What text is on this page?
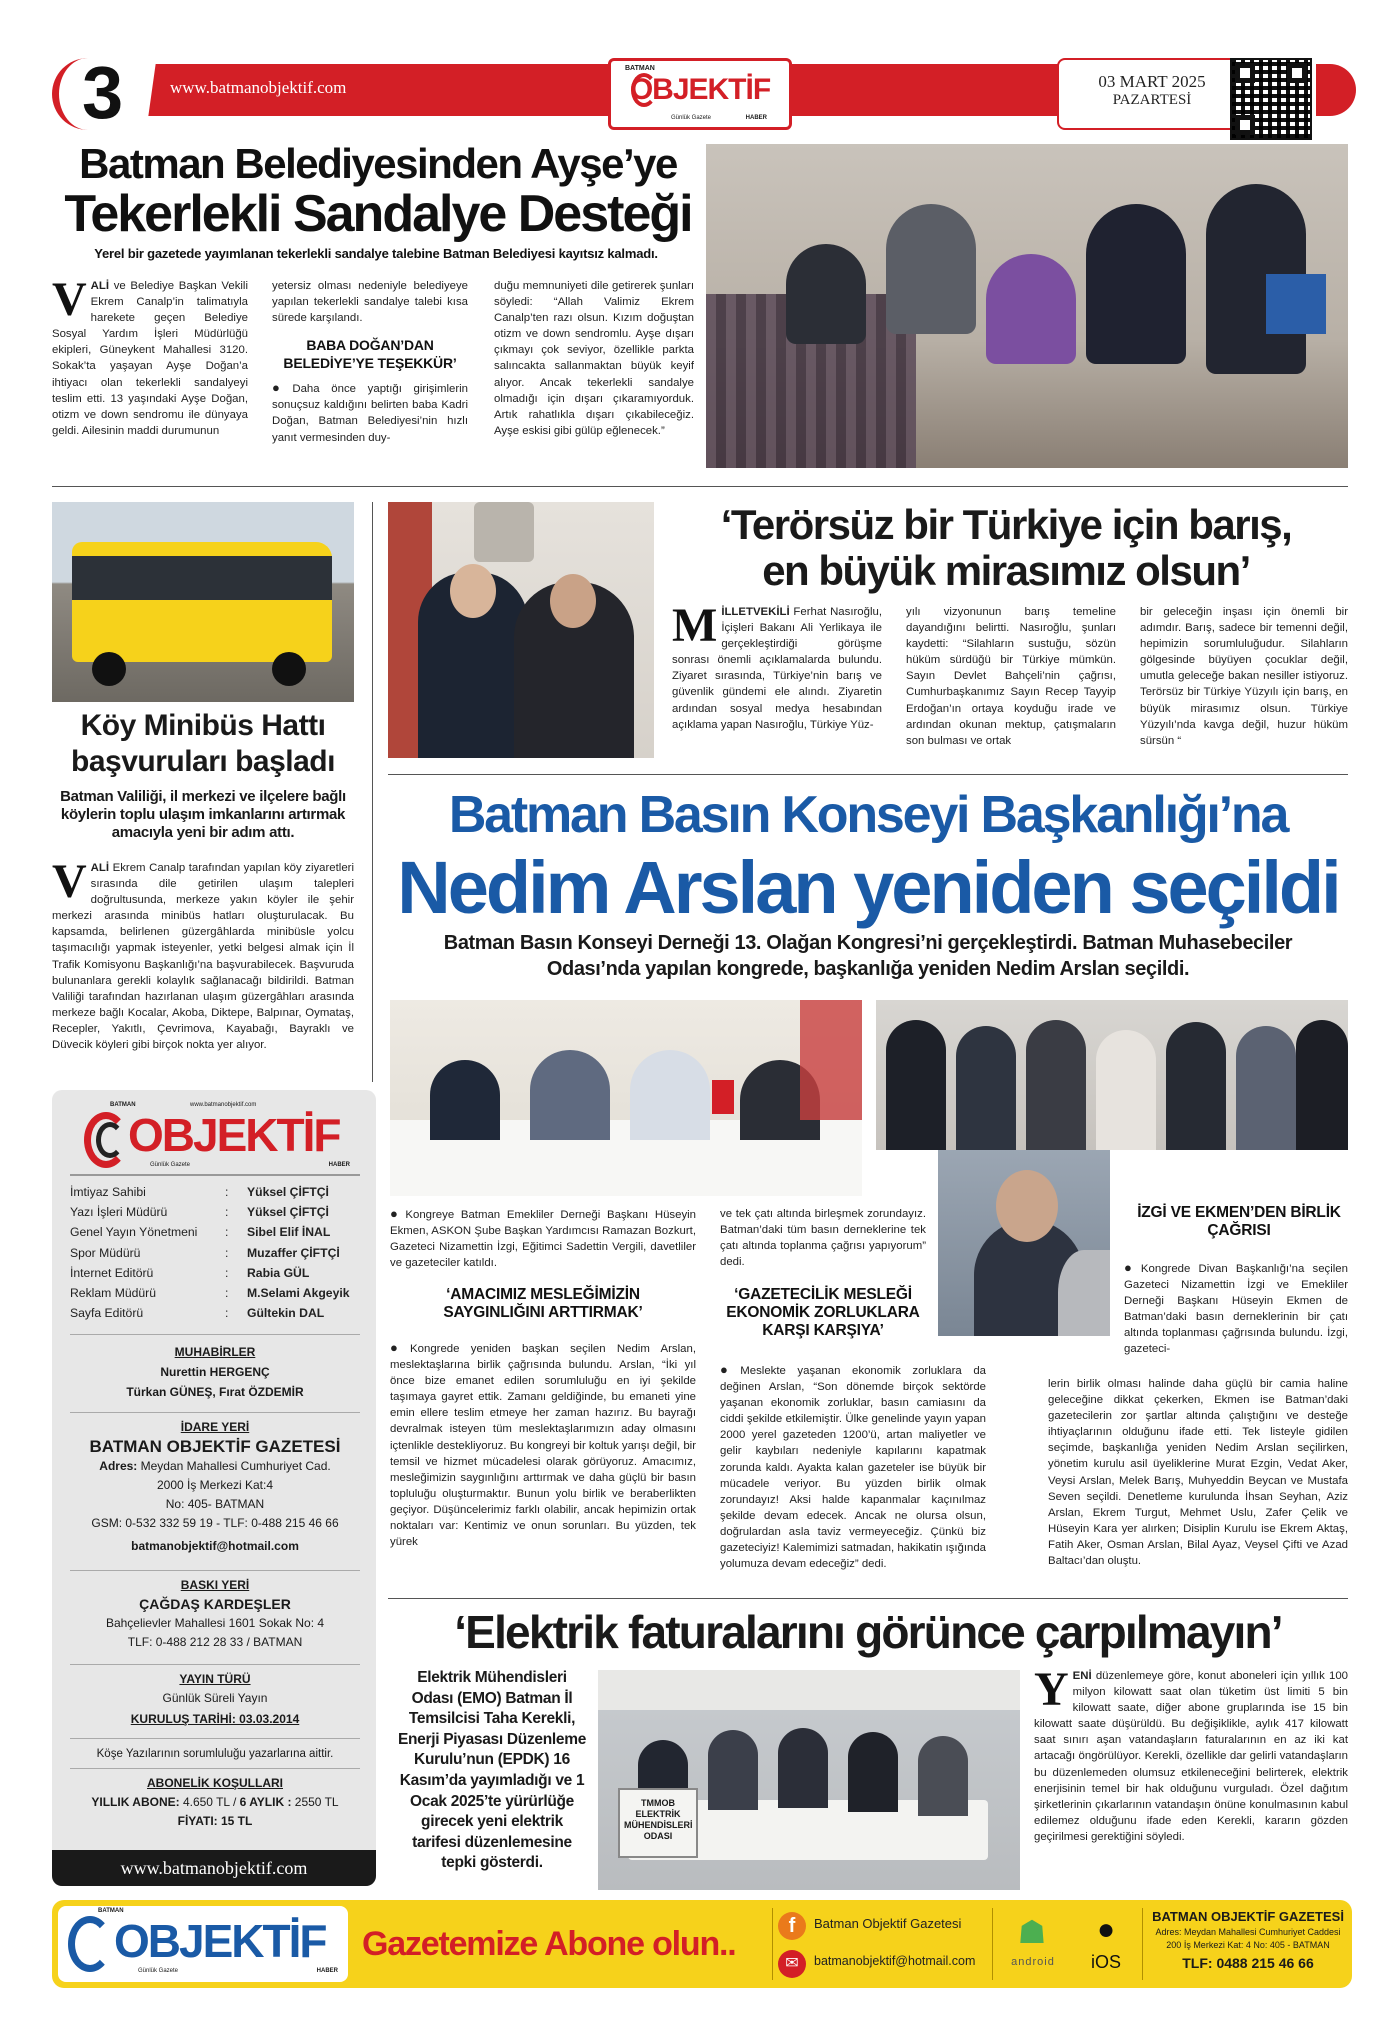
3	www.batmanobjektif.com
BATMAN
OBJEKTİF
Günlük Gazete	HABER
03 MART 2025
PAZARTESİ
Batman Belediyesinden Ayşe’ye
Tekerlekli Sandalye Desteği
Yerel bir gazetede yayımlanan tekerlekli sandalye talebine Batman Belediyesi kayıtsız kalmadı.
VALİ ve Belediye Başkan Vekili Ekrem Canalp’in talimatıyla harekete geçen Belediye Sosyal Yardım İşleri Müdürlüğü ekipleri, Güneykent Mahallesi 3120. Sokak’ta yaşayan Ayşe Doğan’a ihtiyacı olan tekerlekli sandalyeyi teslim etti. 13 yaşındaki Ayşe Doğan, otizm ve down sendromu ile dünyaya geldi. Ailesinin maddi durumunun
yetersiz olması nedeniyle belediyeye yapılan tekerlekli sandalye talebi kısa sürede karşılandı.
BABA DOĞAN’DAN BELEDİYE’YE TEŞEKKÜR’
● Daha önce yaptığı girişimlerin sonuçsuz kaldığını belirten baba Kadri Doğan, Batman Belediyesi’nin hızlı yanıt vermesinden duy-
duğu memnuniyeti dile getirerek şunları söyledi: “Allah Valimiz Ekrem Canalp’ten razı olsun. Kızım doğuştan otizm ve down sendromlu. Ayşe dışarı çıkmayı çok seviyor, özellikle parkta salıncakta sallanmaktan büyük keyif alıyor. Ancak tekerlekli sandalye olmadığı için dışarı çıkaramıyorduk. Artık rahatlıkla dışarı çıkabileceğiz. Ayşe eskisi gibi gülüp eğlenecek.”
Köy Minibüs Hattı
başvuruları başladı
Batman Valiliği, il merkezi ve ilçelere bağlı köylerin toplu ulaşım imkanlarını artırmak amacıyla yeni bir adım attı.
VALİ Ekrem Canalp tarafından yapılan köy ziyaretleri sırasında dile getirilen ulaşım talepleri doğrultusunda, merkeze yakın köyler ile şehir merkezi arasında minibüs hatları oluşturulacak. Bu kapsamda, belirlenen güzergâhlarda minibüsle yolcu taşımacılığı yapmak isteyenler, yetki belgesi almak için İl Trafik Komisyonu Başkanlığı’na başvurabilecek. Başvuruda bulunanlara gerekli kolaylık sağlanacağı bildirildi. Batman Valiliği tarafından hazırlanan ulaşım güzergâhları arasında merkeze bağlı Kocalar, Akoba, Diktepe, Balpınar, Oymataş, Recepler, Yakıtlı, Çevrimova, Kayabağı, Bayraklı ve Düvecik köyleri gibi birçok nokta yer alıyor.
‘Terörsüz bir Türkiye için barış,
en büyük mirasımız olsun’
MİLLETVEKİLİ Ferhat Nasıroğlu, İçişleri Bakanı Ali Yerlikaya ile gerçekleştirdiği görüşme sonrası önemli açıklamalarda bulundu. Ziyaret sırasında, Türkiye’nin barış ve güvenlik gündemi ele alındı. Ziyaretin ardından sosyal medya hesabından açıklama yapan Nasıroğlu, Türkiye Yüz-
yılı vizyonunun barış temeline dayandığını belirtti. Nasıroğlu, şunları kaydetti: “Silahların sustuğu, sözün hüküm sürdüğü bir Türkiye mümkün. Sayın Devlet Bahçeli’nin çağrısı, Cumhurbaşkanımız Sayın Recep Tayyip Erdoğan’ın ortaya koyduğu irade ve ardından okunan mektup, çatışmaların son bulması ve ortak
bir geleceğin inşası için önemli bir adımdır. Barış, sadece bir temenni değil, hepimizin sorumluluğudur. Silahların gölgesinde büyüyen çocuklar değil, umutla geleceğe bakan nesiller istiyoruz. Terörsüz bir Türkiye Yüzyılı için barış, en büyük mirasımız olsun. Türkiye Yüzyılı’nda kavga değil, huzur hüküm sürsün “
Batman Basın Konseyi Başkanlığı’na
Nedim Arslan yeniden seçildi
Batman Basın Konseyi Derneği 13. Olağan Kongresi’ni gerçekleştirdi. Batman Muhasebeciler
Odası’nda yapılan kongrede, başkanlığa yeniden Nedim Arslan seçildi.
● Kongreye Batman Emekliler Derneği Başkanı Hüseyin Ekmen, ASKON Şube Başkan Yardımcısı Ramazan Bozkurt, Gazeteci Nizamettin İzgi, Eğitimci Sadettin Vergili, davetliler ve gazeteciler katıldı.
‘AMACIMIZ MESLEĞİMİZİN SAYGINLIĞINI ARTTIRMAK’
● Kongrede yeniden başkan seçilen Nedim Arslan, meslektaşlarına birlik çağrısında bulundu. Arslan, “İki yıl önce bize emanet edilen sorumluluğu en iyi şekilde taşımaya gayret ettik. Zamanı geldiğinde, bu emaneti yine emin ellere teslim etmeye her zaman hazırız. Bu bayrağı devralmak isteyen tüm meslektaşlarımızın aday olmasını içtenlikle destekliyoruz. Bu kongreyi bir koltuk yarışı değil, bir temsil ve hizmet mücadelesi olarak görüyoruz. Amacımız, mesleğimizin saygınlığını arttırmak ve daha güçlü bir basın topluluğu oluşturmaktır. Bunun yolu birlik ve beraberlikten geçiyor. Düşüncelerimiz farklı olabilir, ancak hepimizin ortak noktaları var: Kentimiz ve onun sorunları. Bu yüzden, tek yürek
ve tek çatı altında birleşmek zorundayız. Batman’daki tüm basın derneklerine tek çatı altında toplanma çağrısı yapıyorum” dedi.
‘GAZETECİLİK MESLEĞİ EKONOMİK ZORLUKLARA KARŞI KARŞIYA’
● Meslekte yaşanan ekonomik zorluklara da değinen Arslan, “Son dönemde birçok sektörde yaşanan ekonomik zorluklar, basın camiasını da ciddi şekilde etkilemiştir. Ülke genelinde yayın yapan 2000 yerel gazeteden 1200’ü, artan maliyetler ve gelir kaybıları nedeniyle kapılarını kapatmak zorunda kaldı. Ayakta kalan gazeteler ise büyük bir mücadele veriyor. Bu yüzden birlik olmak zorundayız! Aksi halde kapanmalar kaçınılmaz şekilde devam edecek. Ancak ne olursa olsun, doğrulardan asla taviz vermeyeceğiz. Çünkü biz gazeteciyiz! Kalemimizi satmadan, hakikatin ışığında yolumuza devam edeceğiz” dedi.
İZGİ VE EKMEN’DEN BİRLİK ÇAĞRISI
● Kongrede Divan Başkanlığı’na seçilen Gazeteci Nizamettin İzgi ve Emekliler Derneği Başkanı Hüseyin Ekmen de Batman’daki basın derneklerinin bir çatı altında toplanması çağrısında bulundu. İzgi, gazeteci-
lerin birlik olması halinde daha güçlü bir camia haline geleceğine dikkat çekerken, Ekmen ise Batman’daki gazetecilerin zor şartlar altında çalıştığını ve desteğe ihtiyaçlarının olduğunu ifade etti. Tek listeyle gidilen seçimde, başkanlığa yeniden Nedim Arslan seçilirken, yönetim kurulu asil üyeliklerine Murat Ezgin, Vedat Aker, Veysi Arslan, Melek Barış, Muhyeddin Beycan ve Mustafa Seven seçildi. Denetleme kurulunda İhsan Seyhan, Aziz Arslan, Ekrem Turgut, Mehmet Uslu, Zafer Çelik ve Hüseyin Kara yer alırken; Disiplin Kurulu ise Ekrem Aktaş, Fatih Aker, Osman Arslan, Bilal Ayaz, Veysel Çifti ve Azad Baltacı’dan oluştu.
BATMAN	www.batmanobjektif.com
OBJEKTİF
Günlük Gazete	HABER
İmtiyaz Sahibi	:	Yüksel ÇİFTÇİ
Yazı İşleri Müdürü	:	Yüksel ÇİFTÇİ
Genel Yayın Yönetmeni	:	Sibel Elif İNAL
Spor Müdürü	:	Muzaffer ÇİFTÇİ
İnternet Editörü	:	Rabia GÜL
Reklam Müdürü	:	M.Selami Akgeyik
Sayfa Editörü	:	Gültekin DAL
MUHABİRLER
Nurettin HERGENÇ
Türkan GÜNEŞ, Fırat ÖZDEMİR
İDARE YERİ
BATMAN OBJEKTİF GAZETESİ
Adres: Meydan Mahallesi Cumhuriyet Cad.
2000 İş Merkezi Kat:4
No: 405- BATMAN
GSM: 0-532 332 59 19 - TLF: 0-488 215 46 66
batmanobjektif@hotmail.com
BASKI YERİ
ÇAĞDAŞ KARDEŞLER
Bahçelievler Mahallesi 1601 Sokak No: 4
TLF: 0-488 212 28 33 / BATMAN
YAYIN TÜRÜ
Günlük Süreli Yayın
KURULUŞ TARİHİ: 03.03.2014
Köşe Yazılarının sorumluluğu yazarlarına aittir.
ABONELİK KOŞULLARI
YILLIK ABONE: 4.650 TL / 6 AYLIK : 2550 TL
FİYATI: 15 TL
www.batmanobjektif.com
‘Elektrik faturalarını görünce çarpılmayın’
Elektrik Mühendisleri Odası (EMO) Batman İl Temsilcisi Taha Kerekli, Enerji Piyasası Düzenleme Kurulu’nun (EPDK) 16 Kasım’da yayımladığı ve 1 Ocak 2025’te yürürlüğe girecek yeni elektrik tarifesi düzenlemesine tepki gösterdi.
TMMOB ELEKTRİK MÜHENDİSLERİ ODASI
YENİ düzenlemeye göre, konut aboneleri için yıllık 100 milyon kilowatt saat olan tüketim üst limiti 5 bin kilowatt saate, diğer abone gruplarında ise 15 bin kilowatt saate düşürüldü. Bu değişiklikle, aylık 417 kilowatt saat sınırı aşan vatandaşların faturalarının en az iki kat artacağı öngörülüyor. Kerekli, özellikle dar gelirli vatandaşların bu düzenlemeden olumsuz etkileneceğini belirterek, elektrik enerjisinin temel bir hak olduğunu vurguladı. Özel dağıtım şirketlerinin çıkarlarının vatandaşın önüne konulmasının kabul edilemez olduğunu ifade eden Kerekli, kararın gözden geçirilmesi gerektiğini söyledi.
BATMAN
OBJEKTİF
Günlük Gazete	HABER
Gazetemize Abone olun..	f	Batman Objektif Gazetesi
✉	batmanobjektif@hotmail.com
☗
android
●
iOS
BATMAN OBJEKTİF GAZETESİ
Adres: Meydan Mahallesi Cumhuriyet Caddesi
200 İş Merkezi Kat: 4 No: 405 - BATMAN
TLF: 0488 215 46 66
